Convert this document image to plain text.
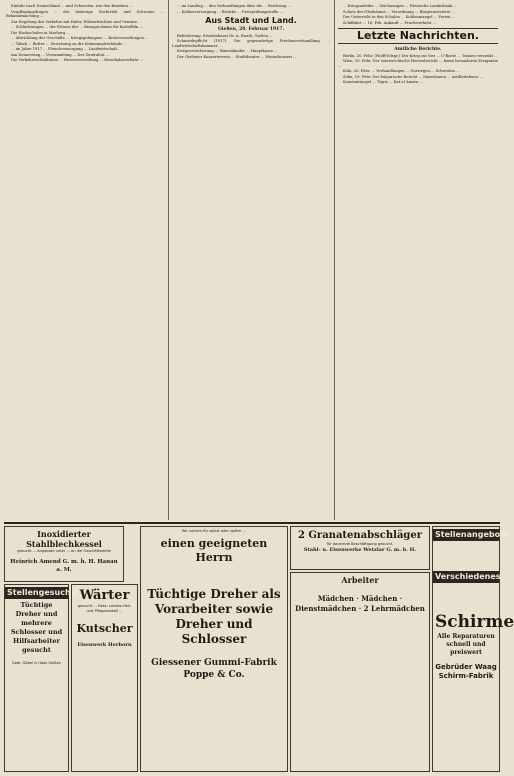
Einfuhr nach Deutschland ... und Schweden, wie den Bezirken ...

Verpflegungsfragen ... der bisherige Zuchtvieh und Schweine ... Bekanntmachung ...

Zur Regelung des Verkehrs mit Hafer, Hülsenfrüchten und Gemüse ...

... Schlachtungen ... der Erlasse der ... Bezugsscheine für Kartoffeln ...

Die Hochschulen in Marburg ...

... Abwicklung der Geschäfte ... Kriegsgefangene ... Kreisverwaltungen ...

... Tabak ... Butter ... Zuweisung an die Kommunalverbände ...

... im Jahre 1917 ... Fleischversorgung ... Landwirtschaft ...

Am Donnerstag ... Versammlung ... Der Zentralrat ...

Die Verkehrsverhältnisse ... Heeresverwaltung ... Eisenbahnverkehr ...

... im Landtag ... den Verhandlungen über die ... Reichstag ...

... Kohlenversorgung ... Bezirke ... Preisprüfungsstelle ...

Aus Stadt und Land.
Gießen, 20. Februar 1917.

Beförderung. Eisenbahnrat Dr. A. Rauth, Gießen ...

Schmiedepflicht (1917). Die gegenwärtige Friedensverhandlung ... Landwirtschaftskammer ...

Kriegsversicherung ... Waisenkinder ... Hauptkasse ...

Der Gießener Konzertverein ... Stadttheater ... Winterkonzert ...

... Kriegsanleihe ... Zeichnungen ... Hessische Landesbank ...

Schutz der Obstbäume ... Verordnung ... Bürgermeisterei ...

Der Unterricht in den Schulen ... Kohlenmangel ... Ferien ...

Schiffahrt ... 16. Feb. Ankunft ... Frachtverkehr ...

Letzte Nachrichten.
Amtliche Berichte.

Berlin, 20. Febr. (Wolff-Telegr.) Der Krieg zur See ... U-Boote ... Tonnen versenkt ...

Wien, 20. Febr. Der österreichische Heeresbericht ... keine besonderen Ereignisse ...

Köln, 20. Febr. ... Verhandlungen ... Norwegen ... Schweden ...

Sofia, 19. Febr. Der bulgarische Bericht ... Mazedonien ... Artilleriefeuer ...

Konstantinopel ... Tigris ... Kut el Amara ...

Inoxidierter Stahlblechkessel
gesucht ... Angebote unter ... an die Geschäftsstelle
Heinrich Amend G. m. b. H. Hanau a. M.
Stellengesuche
Tüchtige Dreher und mehrere Schlosser und Hilfsarbeiter gesucht
Gebr. Göbel & Haas Gießen
Wärter
gesucht ... Hess. Landes-Heil- und Pflegeanstalt ...
Kutscher
Eisenwerk Herborn
Wir suchen für sofort oder später ...
einen geeigneten Herrn
Tüchtige Dreher als Vorarbeiter sowie Dreher und Schlosser
Giessener Gummi-Fabrik Poppe & Co.
2 Granatenabschläger
für dauernde Beschäftigung gesucht.
Stahl- u. Eisenwerke Wetzlar G. m. b. H.
Arbeiter
Mädchen · Mädchen · Dienstmädchen · 2 Lehrmädchen
Stellenangebote
Verschiedenes
Schirme
Alle Reparaturen schnell und preiswert
Gebrüder Waag Schirm-Fabrik
